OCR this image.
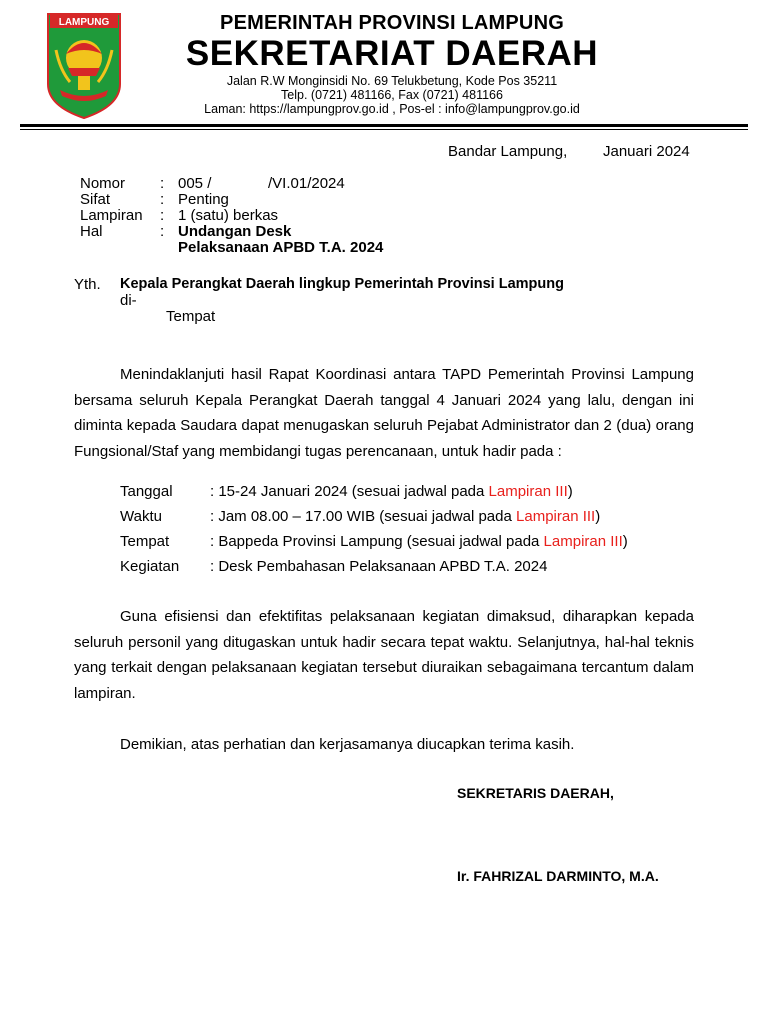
LAMPUNG	PEMERINTAH PROVINSI LAMPUNG
SEKRETARIAT DAERAH
Jalan R.W Monginsidi No. 69 Telukbetung, Kode Pos 35211
Telp. (0721) 481166, Fax (0721) 481166
Laman: https://lampungprov.go.id , Pos-el : info@lampungprov.go.id
Bandar Lampung, Januari 2024
Nomor	:	005 /	/VI.01/2024
Sifat	:	Penting	
Lampiran	:	1 (satu) berkas	
Hal	:	Undangan Desk	
		Pelaksanaan APBD T.A. 2024	
Yth. Kepala Perangkat Daerah lingkup Pemerintah Provinsi Lampung
di-
Tempat
Menindaklanjuti hasil Rapat Koordinasi antara TAPD Pemerintah Provinsi Lampung bersama seluruh Kepala Perangkat Daerah tanggal 4 Januari 2024 yang lalu, dengan ini diminta kepada Saudara dapat menugaskan seluruh Pejabat Administrator dan 2 (dua) orang Fungsional/Staf yang membidangi tugas perencanaan, untuk hadir pada :
Tanggal	: 15-24 Januari 2024 (sesuai jadwal pada Lampiran III)
Waktu	: Jam 08.00 – 17.00 WIB (sesuai jadwal pada Lampiran III)
Tempat	: Bappeda Provinsi Lampung (sesuai jadwal pada Lampiran III)
Kegiatan	: Desk Pembahasan Pelaksanaan APBD T.A. 2024
Guna efisiensi dan efektifitas pelaksanaan kegiatan dimaksud, diharapkan kepada seluruh personil yang ditugaskan untuk hadir secara tepat waktu. Selanjutnya, hal-hal teknis yang terkait dengan pelaksanaan kegiatan tersebut diuraikan sebagaimana tercantum dalam lampiran.
Demikian, atas perhatian dan kerjasamanya diucapkan terima kasih.
SEKRETARIS DAERAH,
Ir. FAHRIZAL DARMINTO, M.A.
